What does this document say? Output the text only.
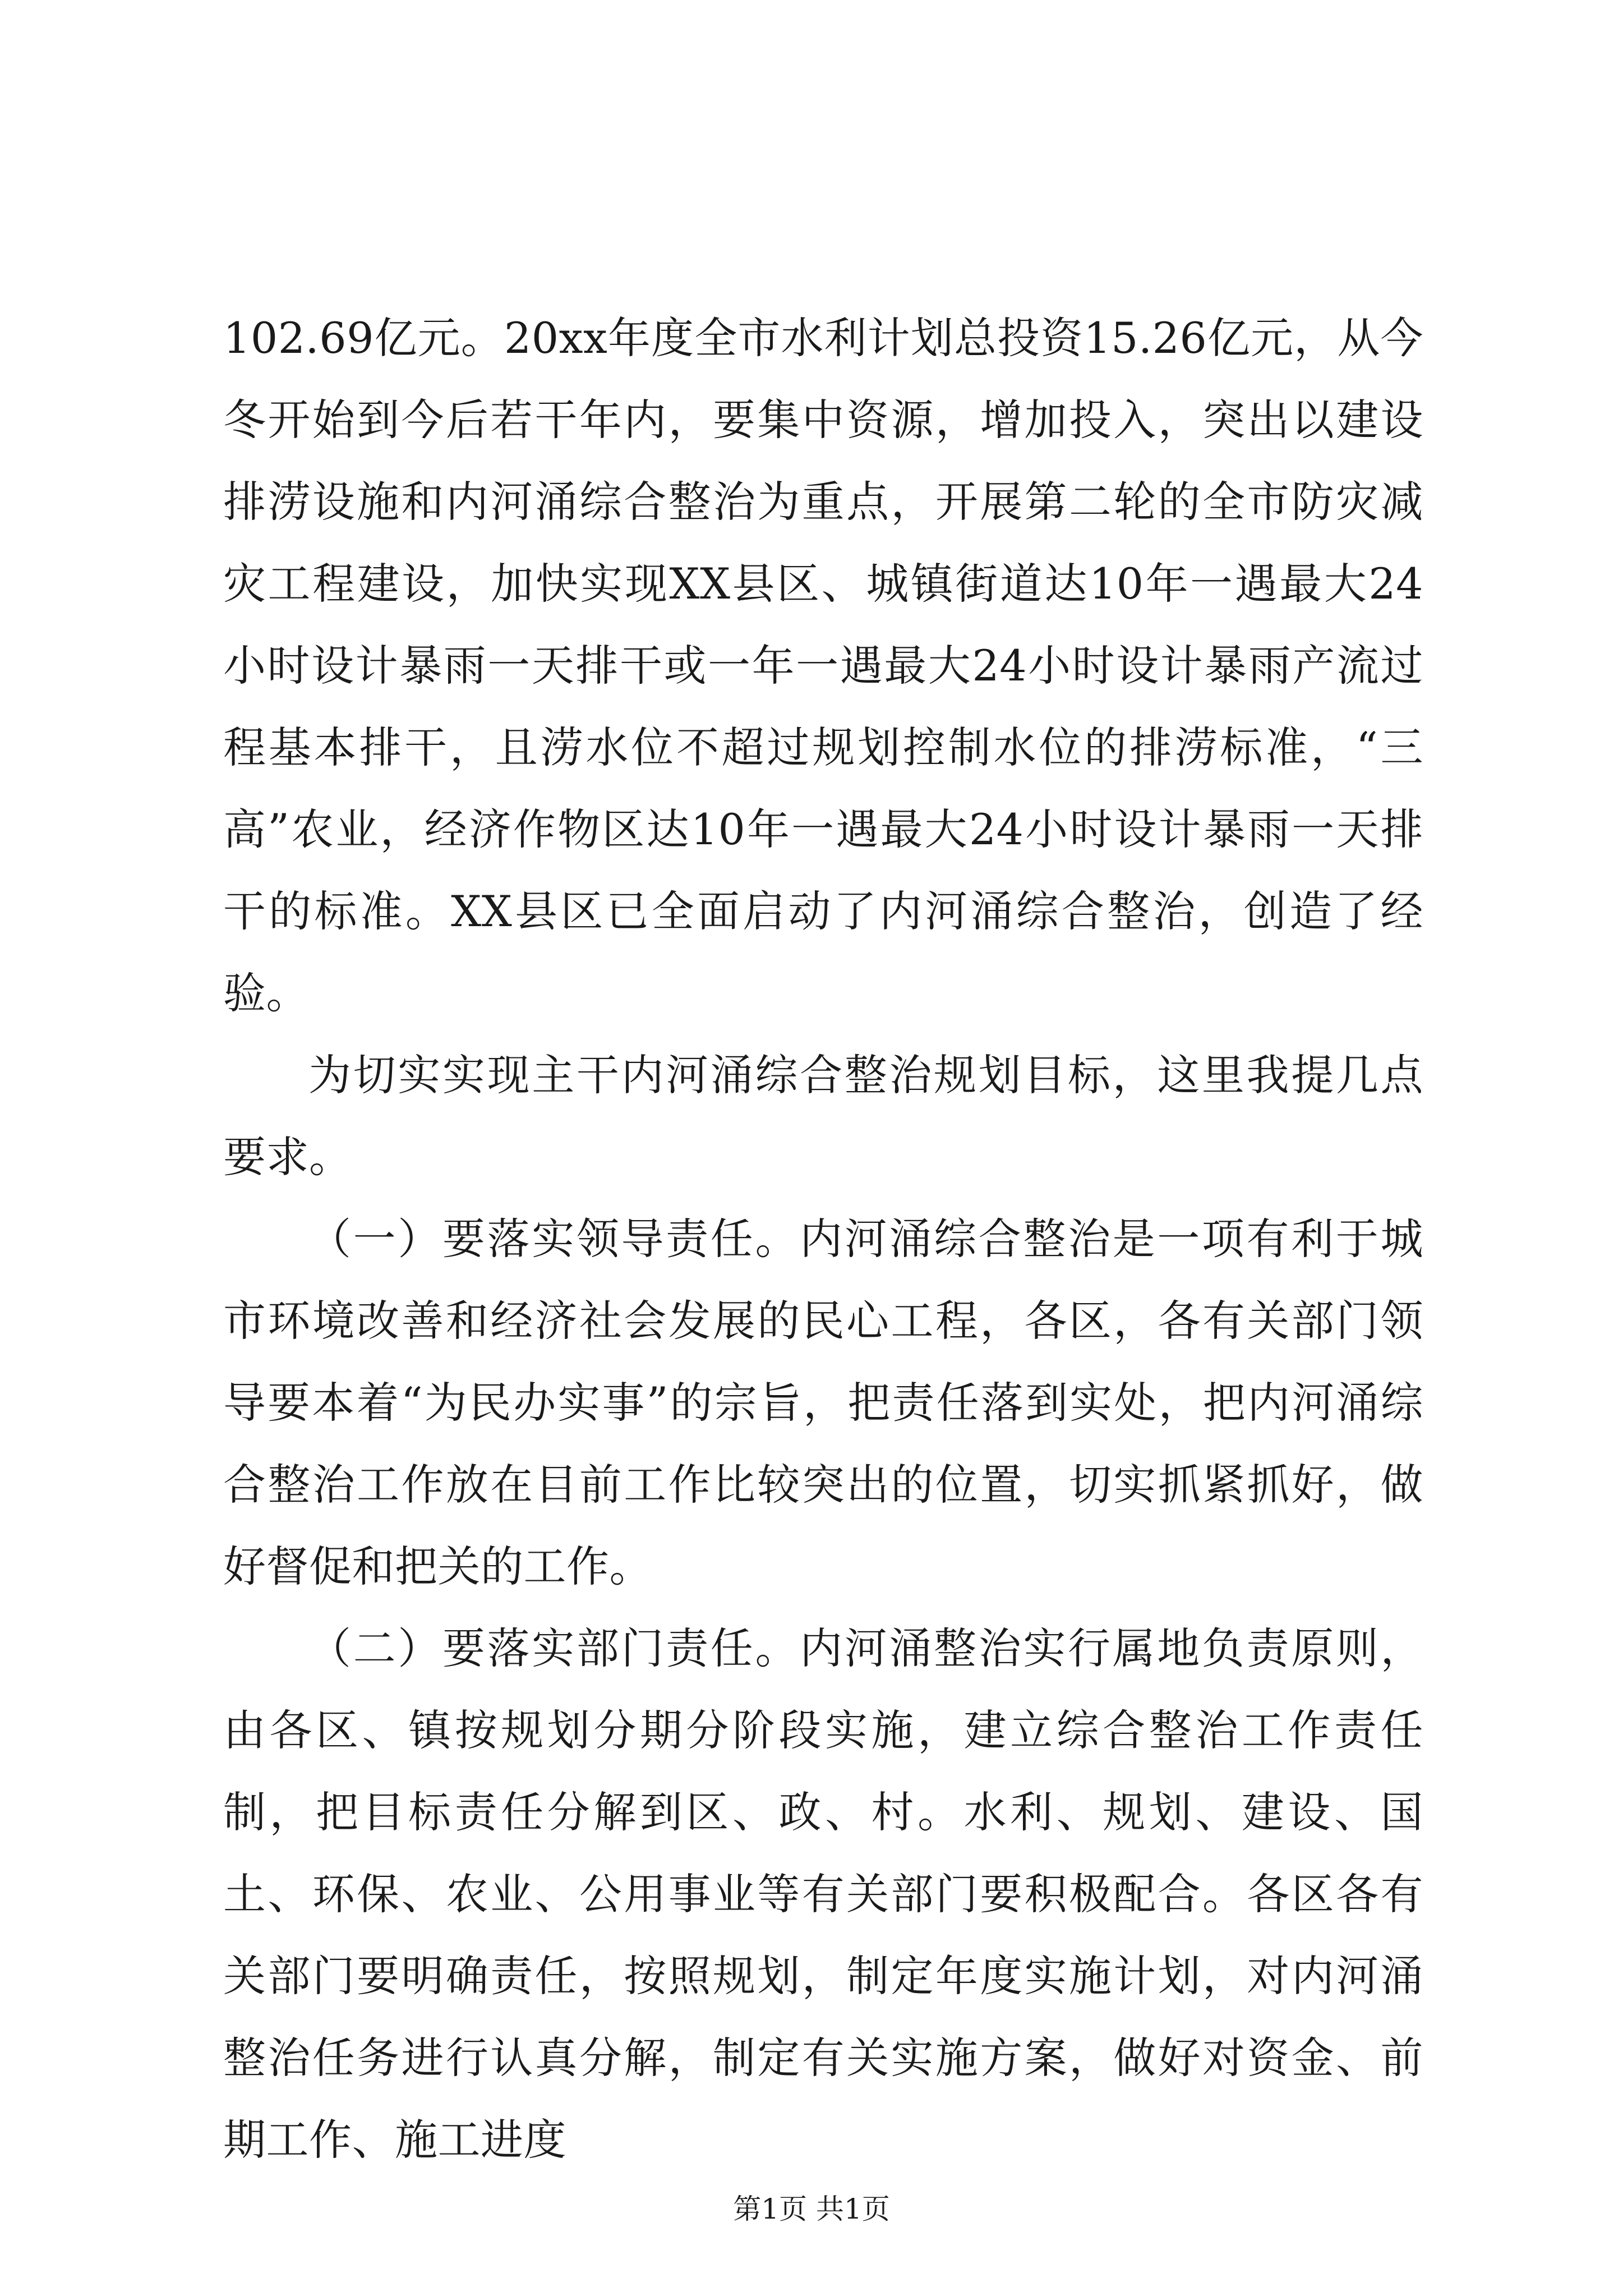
102.69亿元。20xx年度全市水利计划总投资15.26亿元，从今冬开始到今后若干年内，要集中资源，增加投入，突出以建设排涝设施和内河涌综合整治为重点，开展第二轮的全市防灾减灾工程建设，加快实现XX县区、城镇街道达10年一遇最大24小时设计暴雨一天排干或一年一遇最大24小时设计暴雨产流过程基本排干，且涝水位不超过规划控制水位的排涝标准，“三高”农业，经济作物区达10年一遇最大24小时设计暴雨一天排干的标准。XX县区已全面启动了内河涌综合整治，创造了经验。

为切实实现主干内河涌综合整治规划目标，这里我提几点要求。

（一）要落实领导责任。内河涌综合整治是一项有利于城市环境改善和经济社会发展的民心工程，各区，各有关部门领导要本着“为民办实事”的宗旨，把责任落到实处，把内河涌综合整治工作放在目前工作比较突出的位置，切实抓紧抓好，做好督促和把关的工作。

（二）要落实部门责任。内河涌整治实行属地负责原则，由各区、镇按规划分期分阶段实施，建立综合整治工作责任制，把目标责任分解到区、政、村。水利、规划、建设、国土、环保、农业、公用事业等有关部门要积极配合。各区各有关部门要明确责任，按照规划，制定年度实施计划，对内河涌整治任务进行认真分解，制定有关实施方案，做好对资金、前期工作、施工进度

第1页 共1页
